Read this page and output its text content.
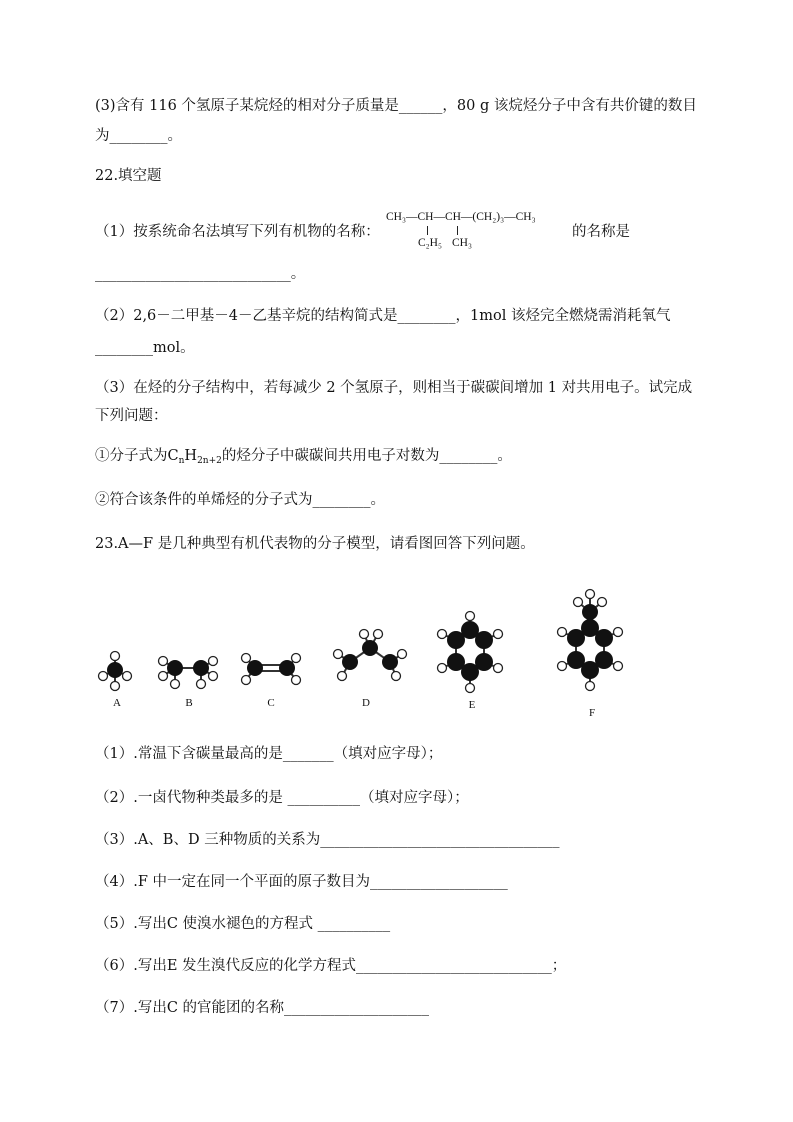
(3)含有 116 个氢原子某烷烃的相对分子质量是______，80 g 该烷烃分子中含有共价键的数目
为________。
22.填空题
（1）按系统命名法填写下列有机物的名称：
CH₃—CH—CH—(CH₂)₃—CH₃
C₂H₅ CH₃
的名称是
___________________________。
（2）2,6－二甲基－4－乙基辛烷的结构简式是________，1mol 该烃完全燃烧需消耗氧气
________mol。
（3）在烃的分子结构中，若每减少 2 个氢原子，则相当于碳碳间增加 1 对共用电子。试完成
下列问题：
①分子式为$C_nH_{2n+2}$的烃分子中碳碳间共用电子对数为________。
②符合该条件的单烯烃的分子式为________。
23.A—F 是几种典型有机代表物的分子模型，请看图回答下列问题。
A	B	C	D	E
F
（1）.常温下含碳量最高的是_______（填对应字母）；
（2）.一卤代物种类最多的是 __________（填对应字母）；
（3）.A、B、D 三种物质的关系为_________________________________
（4）.F 中一定在同一个平面的原子数目为___________________
（5）.写出C 使溴水褪色的方程式 __________
（6）.写出E 发生溴代反应的化学方程式___________________________；
（7）.写出C 的官能团的名称____________________
